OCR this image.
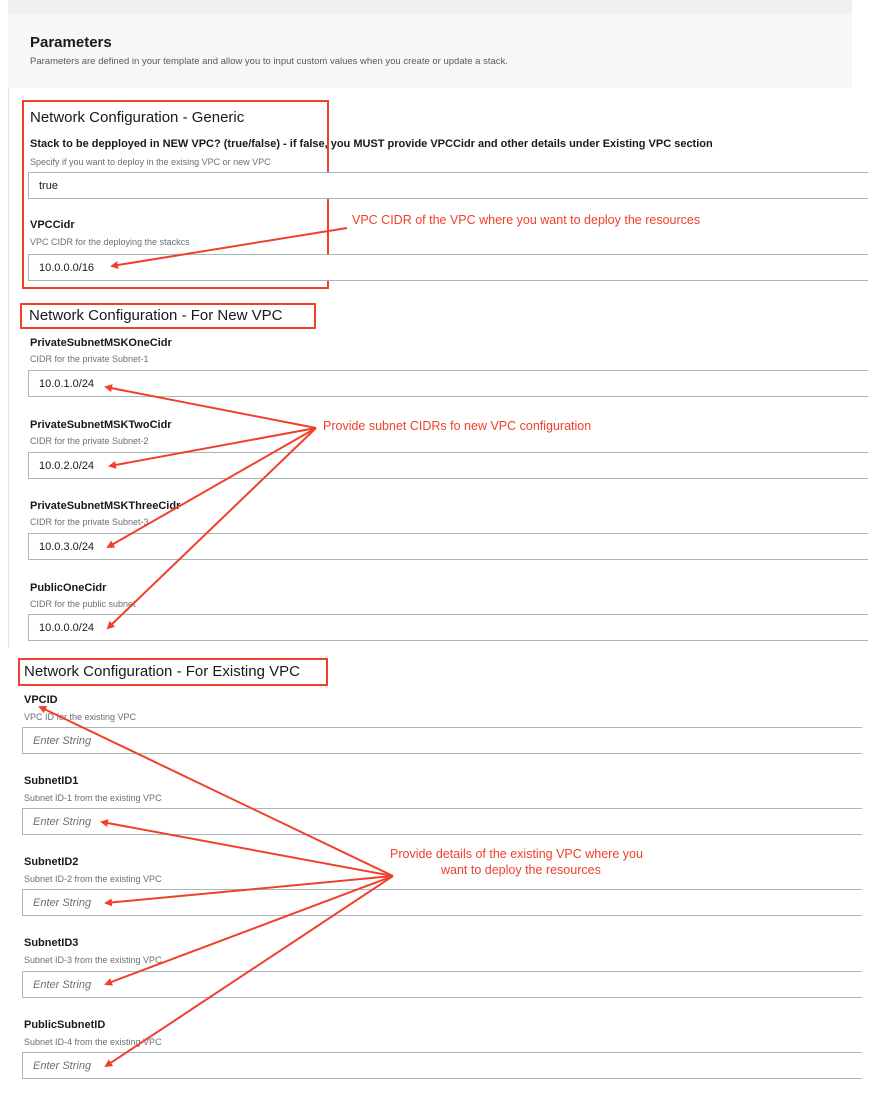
Parameters
Parameters are defined in your template and allow you to input custom values when you create or update a stack.
Network Configuration - Generic
Stack to be deppl​oyed in NEW VPC? (true/false) - if false, you MUST provide VPCCidr and other details under Existing VPC section
Specify if you want to deploy in the exising VPC or new VPC
true
VPCCidr
VPC CIDR for the deploying the stackcs
10.0.0.0/16
VPC CIDR of the VPC where you want to deploy the resources
Network Configuration - For New VPC
PrivateSubnetMSKOneCidr
CIDR for the private Subnet-1
10.0.1.0/24
PrivateSubnetMSKTwoCidr
CIDR for the private Subnet-2
10.0.2.0/24
PrivateSubnetMSKThreeCidr
CIDR for the private Subnet-3
10.0.3.0/24
PublicOneCidr
CIDR for the public subnet
10.0.0.0/24
Provide subnet CIDRs fo new VPC configuration
Network Configuration - For Existing VPC
VPCID
VPC ID for the existing VPC
Enter String
SubnetID1
Subnet ID-1 from the existing VPC
Enter String
SubnetID2
Subnet ID-2 from the existing VPC
Enter String
SubnetID3
Subnet ID-3 from the existing VPC
Enter String
PublicSubnetID
Subnet ID-4 from the existing VPC
Enter String
Provide details of the existing VPC where you
want to deploy the resources
